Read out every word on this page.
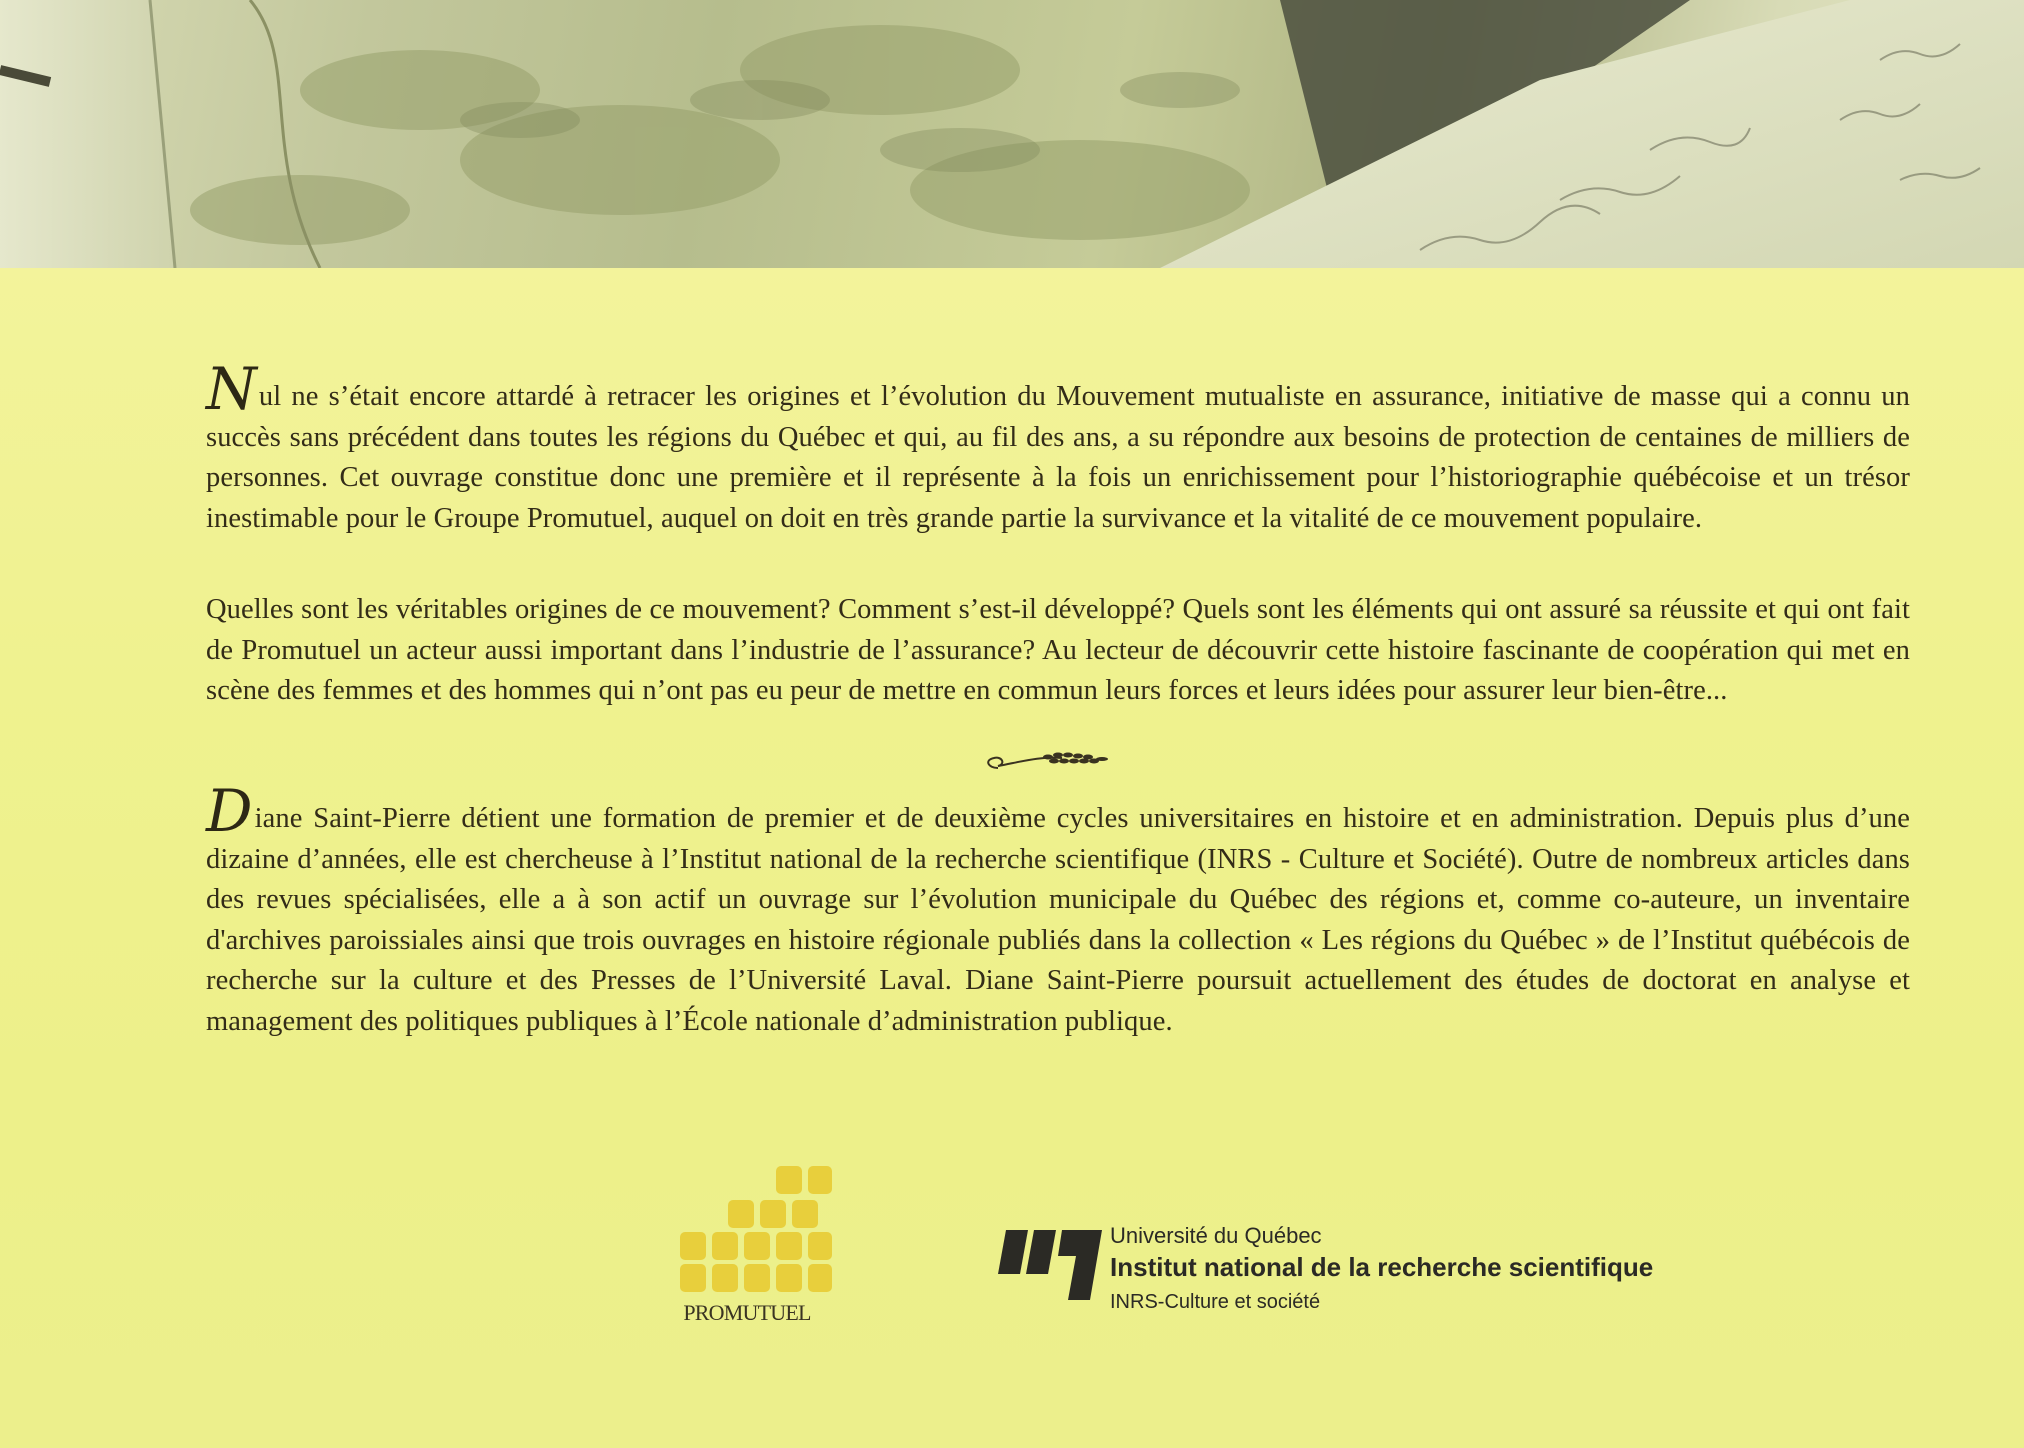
Nul ne s’était encore attardé à retracer les origines et l’évolution du Mouvement mutualiste en assurance, initiative de masse qui a connu un succès sans précédent dans toutes les régions du Québec et qui, au fil des ans, a su répondre aux besoins de protection de centaines de milliers de personnes. Cet ouvrage constitue donc une première et il représente à la fois un enrichissement pour l’historiographie québécoise et un trésor inestimable pour le Groupe Promutuel, auquel on doit en très grande partie la survivance et la vitalité de ce mouvement populaire.

Quelles sont les véritables origines de ce mouvement? Comment s’est-il développé? Quels sont les éléments qui ont assuré sa réussite et qui ont fait de Promutuel un acteur aussi important dans l’industrie de l’assurance? Au lecteur de découvrir cette histoire fascinante de coopération qui met en scène des femmes et des hommes qui n’ont pas eu peur de mettre en commun leurs forces et leurs idées pour assurer leur bien-être...

Diane Saint-Pierre détient une formation de premier et de deuxième cycles universitaires en histoire et en administration. Depuis plus d’une dizaine d’années, elle est chercheuse à l’Institut national de la recherche scientifique (INRS - Culture et Société). Outre de nombreux articles dans des revues spécialisées, elle a à son actif un ouvrage sur l’évolution municipale du Québec des régions et, comme co-auteure, un inventaire d'archives paroissiales ainsi que trois ouvrages en histoire régionale publiés dans la collection « Les régions du Québec » de l’Institut québécois de recherche sur la culture et des Presses de l’Université Laval. Diane Saint-Pierre poursuit actuellement des études de doctorat en analyse et management des politiques publiques à l’École nationale d’administration publique.

PROMUTUEL
Université du Québec
Institut national de la recherche scientifique
INRS-Culture et société
